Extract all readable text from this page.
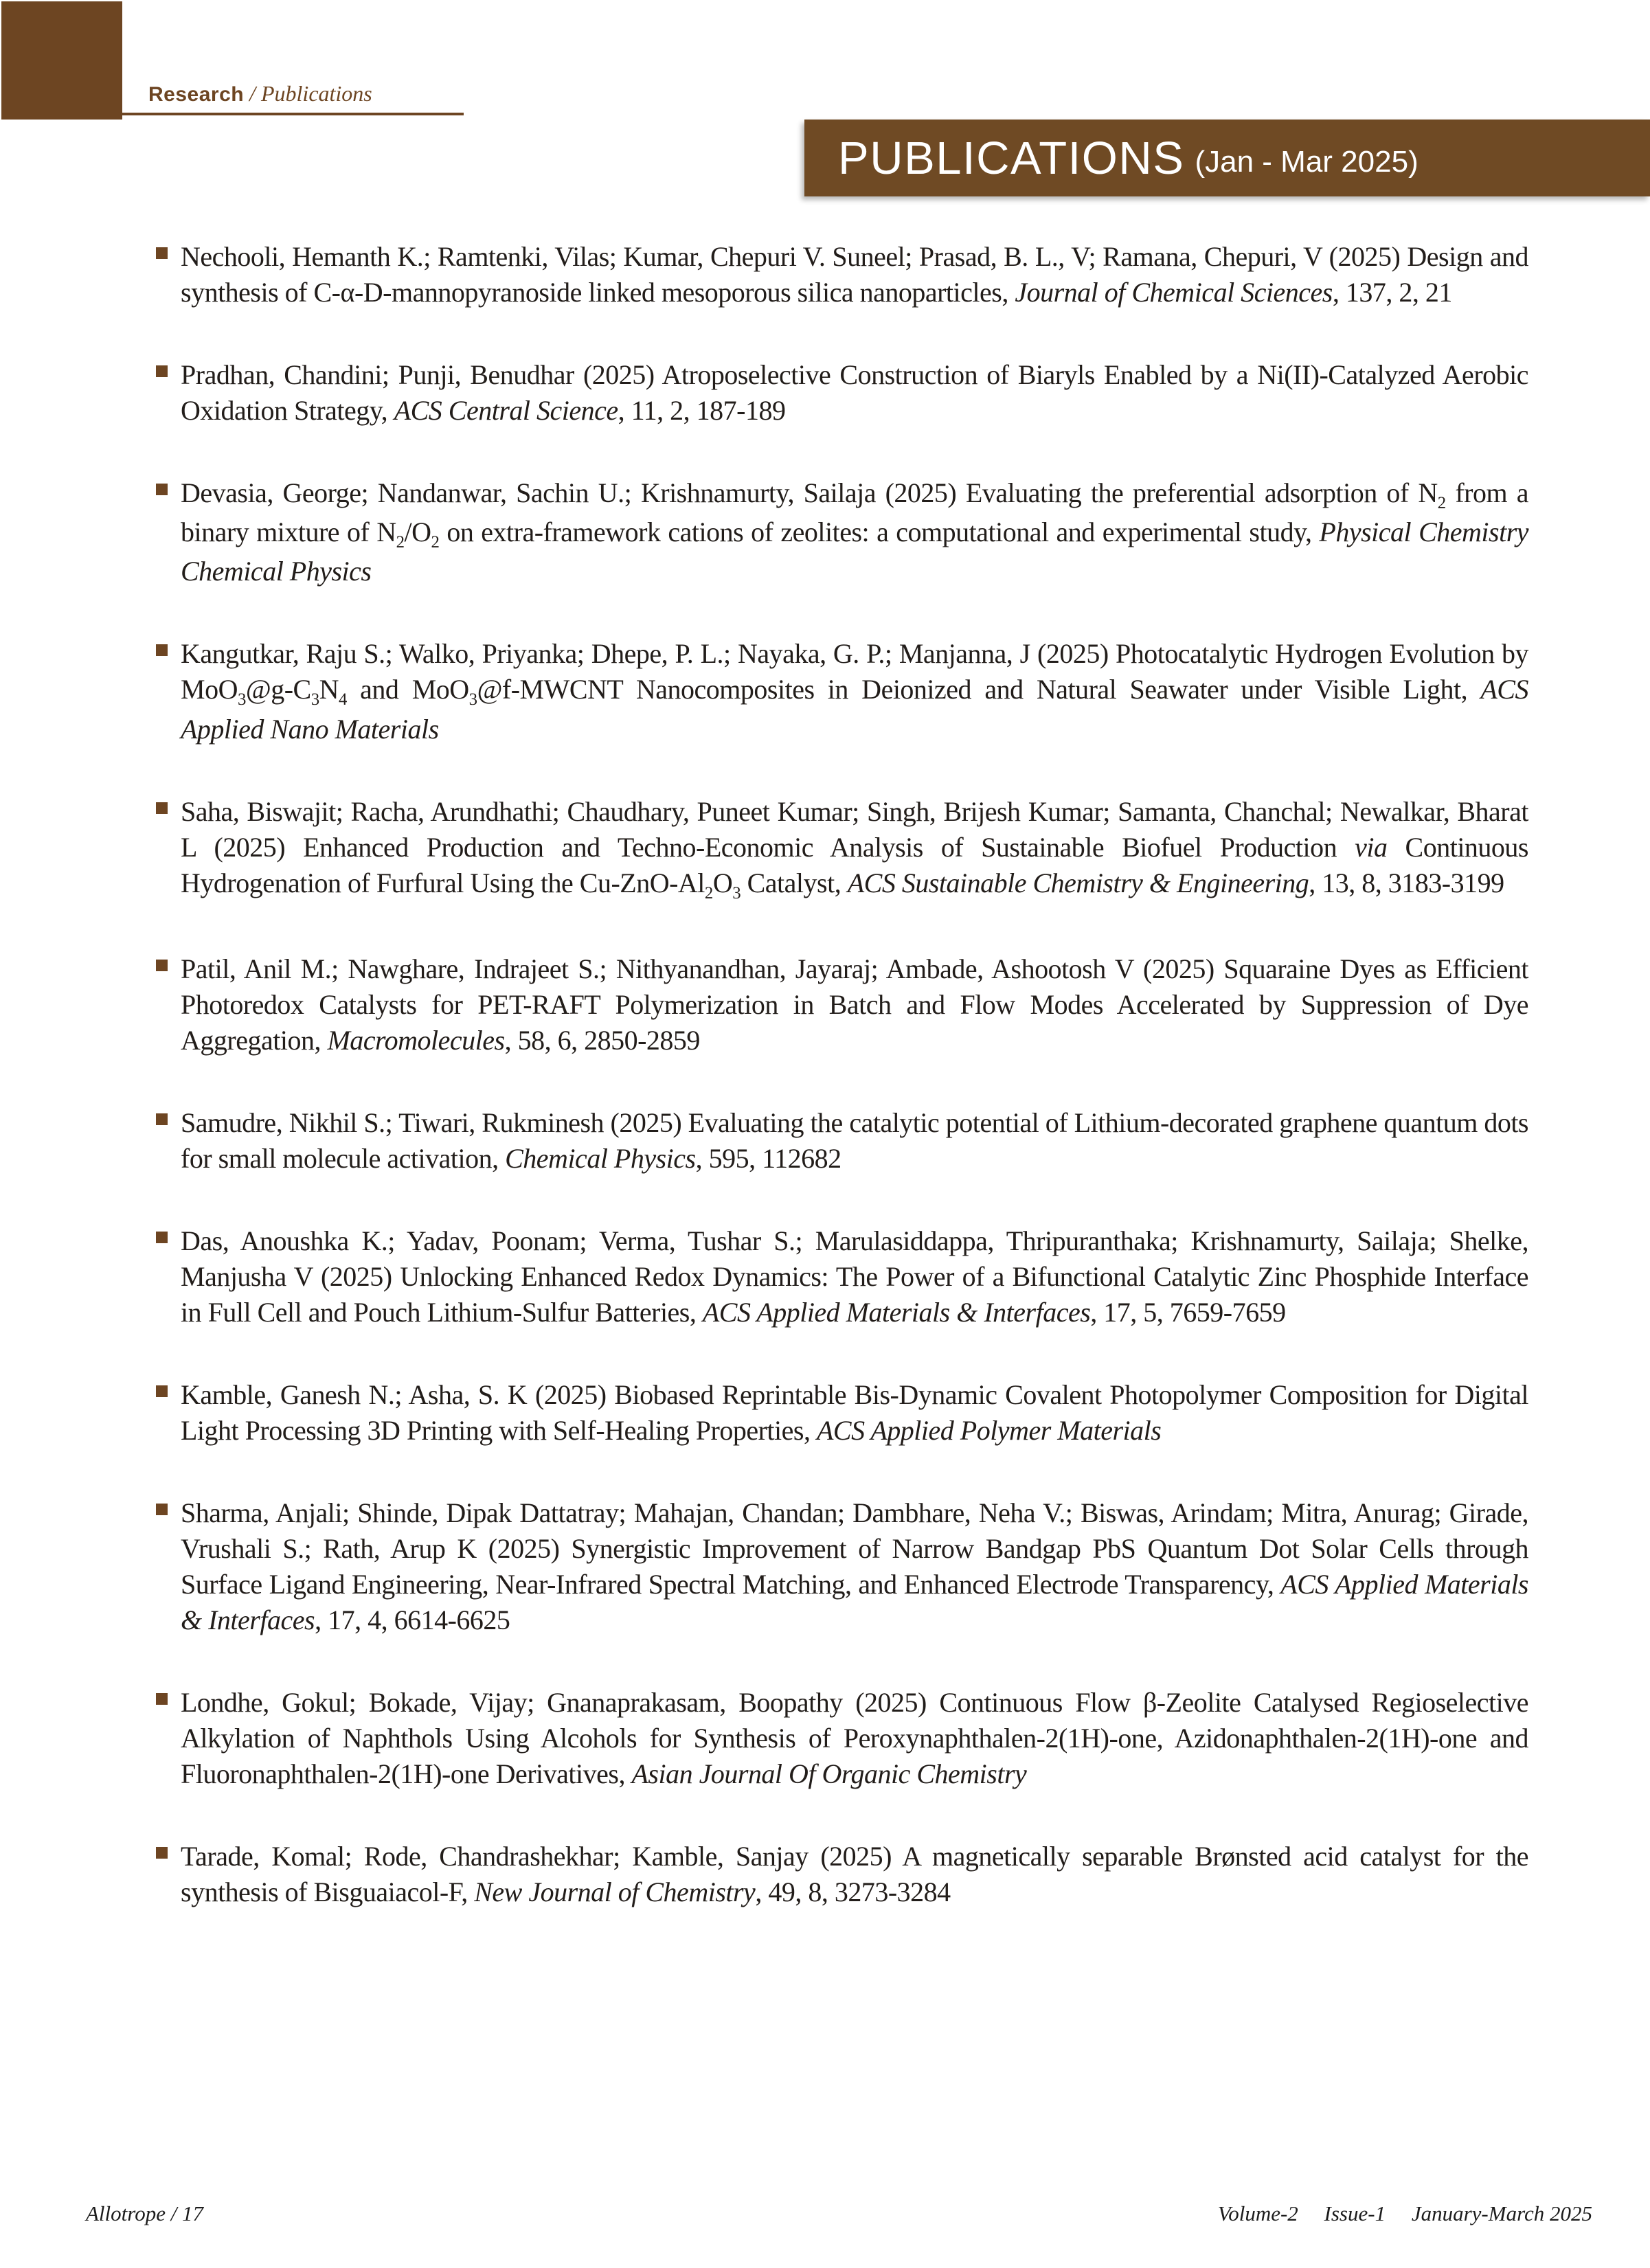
Research / Publications
PUBLICATIONS (Jan - Mar 2025)

Nechooli, Hemanth K.; Ramtenki, Vilas; Kumar, Chepuri V. Suneel; Prasad, B. L., V; Ramana, Chepuri, V (2025) Design and synthesis of C-α-D-mannopyranoside linked mesoporous silica nanoparticles, Journal of Chemical Sciences, 137, 2, 21

Pradhan, Chandini; Punji, Benudhar (2025) Atroposelective Construction of Biaryls Enabled by a Ni(II)-Catalyzed Aerobic Oxidation Strategy, ACS Central Science, 11, 2, 187-189

Devasia, George; Nandanwar, Sachin U.; Krishnamurty, Sailaja (2025) Evaluating the preferential adsorption of $N_2$ from a binary mixture of $N_2/O_2$ on extra-framework cations of zeolites: a computational and experimental study, Physical Chemistry Chemical Physics

Kangutkar, Raju S.; Walko, Priyanka; Dhepe, P. L.; Nayaka, G. P.; Manjanna, J (2025) Photocatalytic Hydrogen Evolution by $MoO_3@g-C_3N_4$ and MoO$_3$@f-MWCNT Nanocomposites in Deionized and Natural Seawater under Visible Light, ACS Applied Nano Materials

Saha, Biswajit; Racha, Arundhathi; Chaudhary, Puneet Kumar; Singh, Brijesh Kumar; Samanta, Chanchal; Newalkar, Bharat L (2025) Enhanced Production and Techno-Economic Analysis of Sustainable Biofuel Production via Continuous Hydrogenation of Furfural Using the $Cu-ZnO-Al_2O_3$ Catalyst, ACS Sustainable Chemistry & Engineering, 13, 8, 3183-3199

Patil, Anil M.; Nawghare, Indrajeet S.; Nithyanandhan, Jayaraj; Ambade, Ashootosh V (2025) Squaraine Dyes as Efficient Photoredox Catalysts for PET-RAFT Polymerization in Batch and Flow Modes Accelerated by Suppression of Dye Aggregation, Macromolecules, 58, 6, 2850-2859

Samudre, Nikhil S.; Tiwari, Rukminesh (2025) Evaluating the catalytic potential of Lithium-decorated graphene quantum dots for small molecule activation, Chemical Physics, 595, 112682

Das, Anoushka K.; Yadav, Poonam; Verma, Tushar S.; Marulasiddappa, Thripuranthaka; Krishnamurty, Sailaja; Shelke, Manjusha V (2025) Unlocking Enhanced Redox Dynamics: The Power of a Bifunctional Catalytic Zinc Phosphide Interface in Full Cell and Pouch Lithium-Sulfur Batteries, ACS Applied Materials & Interfaces, 17, 5, 7659-7659

Kamble, Ganesh N.; Asha, S. K (2025) Biobased Reprintable Bis-Dynamic Covalent Photopolymer Composition for Digital Light Processing 3D Printing with Self-Healing Properties, ACS Applied Polymer Materials

Sharma, Anjali; Shinde, Dipak Dattatray; Mahajan, Chandan; Dambhare, Neha V.; Biswas, Arindam; Mitra, Anurag; Girade, Vrushali S.; Rath, Arup K (2025) Synergistic Improvement of Narrow Bandgap PbS Quantum Dot Solar Cells through Surface Ligand Engineering, Near-Infrared Spectral Matching, and Enhanced Electrode Transparency, ACS Applied Materials & Interfaces, 17, 4, 6614-6625

Londhe, Gokul; Bokade, Vijay; Gnanaprakasam, Boopathy (2025) Continuous Flow β-Zeolite Catalysed Regioselective Alkylation of Naphthols Using Alcohols for Synthesis of Peroxynaphthalen-2(1H)-one, Azidonaphthalen-2(1H)-one and Fluoronaphthalen-2(1H)-one Derivatives, Asian Journal Of Organic Chemistry

Tarade, Komal; Rode, Chandrashekhar; Kamble, Sanjay (2025) A magnetically separable Brønsted acid catalyst for the synthesis of Bisguaiacol-F, New Journal of Chemistry, 49, 8, 3273-3284

Allotrope / 17	Volume-2 Issue-1 January-March 2025
